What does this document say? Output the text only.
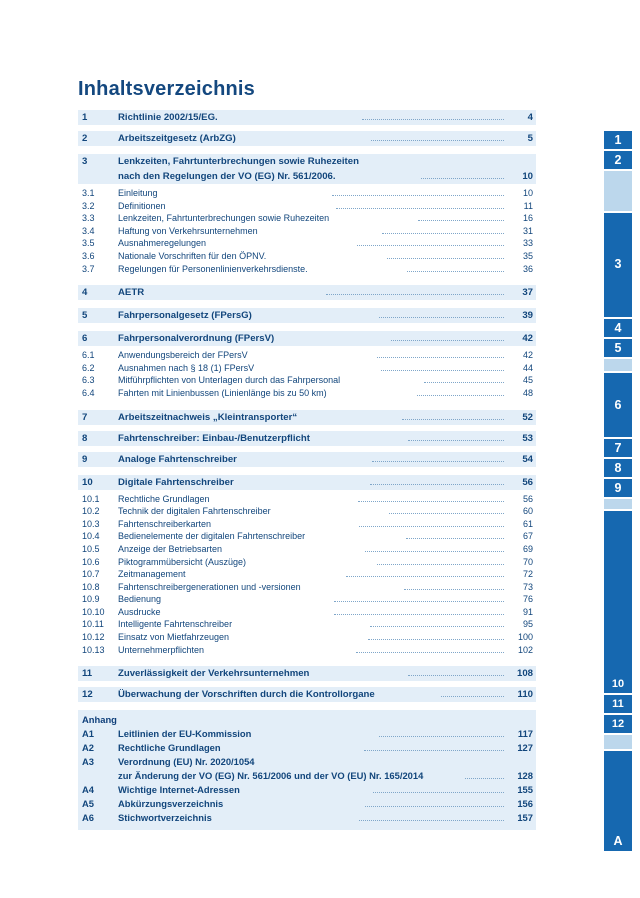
Inhaltsverzeichnis
1	Richtlinie 2002/15/EG.	4
2	Arbeitszeitgesetz (ArbZG)	5
3	Lenkzeiten, Fahrtunterbrechungen sowie Ruhezeiten
nach den Regelungen der VO (EG) Nr. 561/2006.	10
3.1	Einleitung	10
3.2	Definitionen	11
3.3	Lenkzeiten, Fahrtunterbrechungen sowie Ruhezeiten	16
3.4	Haftung von Verkehrsunternehmen	31
3.5	Ausnahmeregelungen	33
3.6	Nationale Vorschriften für den ÖPNV.	35
3.7	Regelungen für Personenlinienverkehrsdienste.	36
4	AETR	37
5	Fahrpersonalgesetz (FPersG)	39
6	Fahrpersonalverordnung (FPersV)	42
6.1	Anwendungsbereich der FPersV	42
6.2	Ausnahmen nach § 18 (1) FPersV	44
6.3	Mitführpflichten von Unterlagen durch das Fahrpersonal	45
6.4	Fahrten mit Linienbussen (Linienlänge bis zu 50 km)	48
7	Arbeitszeitnachweis „Kleintransporter“	52
8	Fahrtenschreiber: Einbau-/Benutzerpflicht	53
9	Analoge Fahrtenschreiber	54
10	Digitale Fahrtenschreiber	56
10.1	Rechtliche Grundlagen	56
10.2	Technik der digitalen Fahrtenschreiber	60
10.3	Fahrtenschreiberkarten	61
10.4	Bedienelemente der digitalen Fahrtenschreiber	67
10.5	Anzeige der Betriebsarten	69
10.6	Piktogrammübersicht (Auszüge)	70
10.7	Zeitmanagement	72
10.8	Fahrtenschreibergenerationen und -versionen	73
10.9	Bedienung	76
10.10	Ausdrucke	91
10.11	Intelligente Fahrtenschreiber	95
10.12	Einsatz von Mietfahrzeugen	100
10.13	Unternehmerpflichten	102
11	Zuverlässigkeit der Verkehrsunternehmen	108
12	Überwachung der Vorschriften durch die Kontrollorgane	110
Anhang
A1	Leitlinien der EU-Kommission	117
A2	Rechtliche Grundlagen	127
A3	Verordnung (EU) Nr. 2020/1054
zur Änderung der VO (EG) Nr. 561/2006 und der VO (EU) Nr. 165/2014	128
A4	Wichtige Internet-Adressen	155
A5	Abkürzungsverzeichnis	156
A6	Stichwortverzeichnis	157
1
2
3
4
5
6
7
8
9
10
11
12
A
